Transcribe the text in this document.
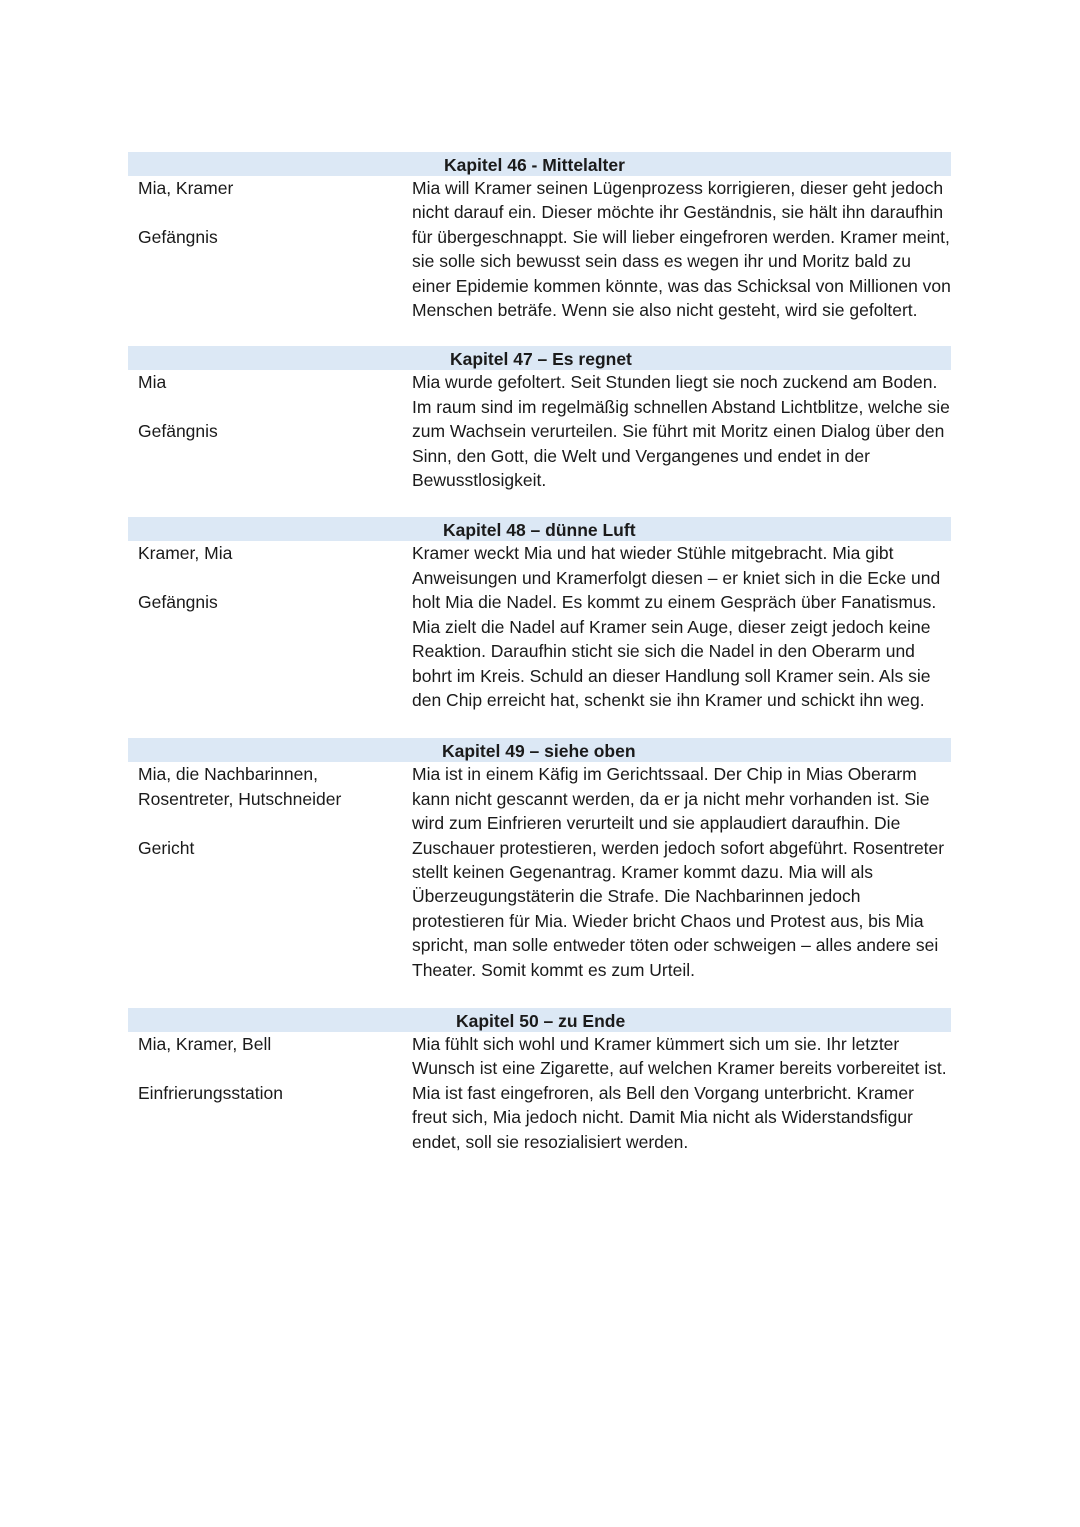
Kapitel 46 - Mittelalter

Mia, Kramer

Gefängnis

Mia will Kramer seinen Lügenprozess korrigieren, dieser geht jedoch nicht darauf ein. Dieser möchte ihr Geständnis, sie hält ihn daraufhin für übergeschnappt. Sie will lieber eingefroren werden. Kramer meint, sie solle sich bewusst sein dass es wegen ihr und Moritz bald zu einer Epidemie kommen könnte, was das Schicksal von Millionen von Menschen beträfe. Wenn sie also nicht gesteht, wird sie gefoltert.

Kapitel 47 – Es regnet

Mia

Gefängnis

Mia wurde gefoltert. Seit Stunden liegt sie noch zuckend am Boden. Im raum sind im regelmäßig schnellen Abstand Lichtblitze, welche sie zum Wachsein verurteilen. Sie führt mit Moritz einen Dialog über den Sinn, den Gott, die Welt und Vergangenes und endet in der Bewusstlosigkeit.

Kapitel 48 – dünne Luft

Kramer, Mia

Gefängnis

Kramer weckt Mia und hat wieder Stühle mitgebracht. Mia gibt Anweisungen und Kramerfolgt diesen – er kniet sich in die Ecke und holt Mia die Nadel. Es kommt zu einem Gespräch über Fanatismus. Mia zielt die Nadel auf Kramer sein Auge, dieser zeigt jedoch keine Reaktion. Daraufhin sticht sie sich die Nadel in den Oberarm und bohrt im Kreis. Schuld an dieser Handlung soll Kramer sein. Als sie den Chip erreicht hat, schenkt sie ihn Kramer und schickt ihn weg.

Kapitel 49 – siehe oben

Mia, die Nachbarinnen, Rosentreter, Hutschneider

Gericht

Mia ist in einem Käfig im Gerichtssaal. Der Chip in Mias Oberarm kann nicht gescannt werden, da er ja nicht mehr vorhanden ist. Sie wird zum Einfrieren verurteilt und sie applaudiert daraufhin. Die Zuschauer protestieren, werden jedoch sofort abgeführt. Rosentreter stellt keinen Gegenantrag. Kramer kommt dazu. Mia will als Überzeugungstäterin die Strafe. Die Nachbarinnen jedoch protestieren für Mia. Wieder bricht Chaos und Protest aus, bis Mia spricht, man solle entweder töten oder schweigen – alles andere sei Theater. Somit kommt es zum Urteil.

Kapitel 50 – zu Ende

Mia, Kramer, Bell

Einfrierungsstation

Mia fühlt sich wohl und Kramer kümmert sich um sie. Ihr letzter Wunsch ist eine Zigarette, auf welchen Kramer bereits vorbereitet ist. Mia ist fast eingefroren, als Bell den Vorgang unterbricht. Kramer freut sich, Mia jedoch nicht. Damit Mia nicht als Widerstandsfigur endet, soll sie resozialisiert werden.
